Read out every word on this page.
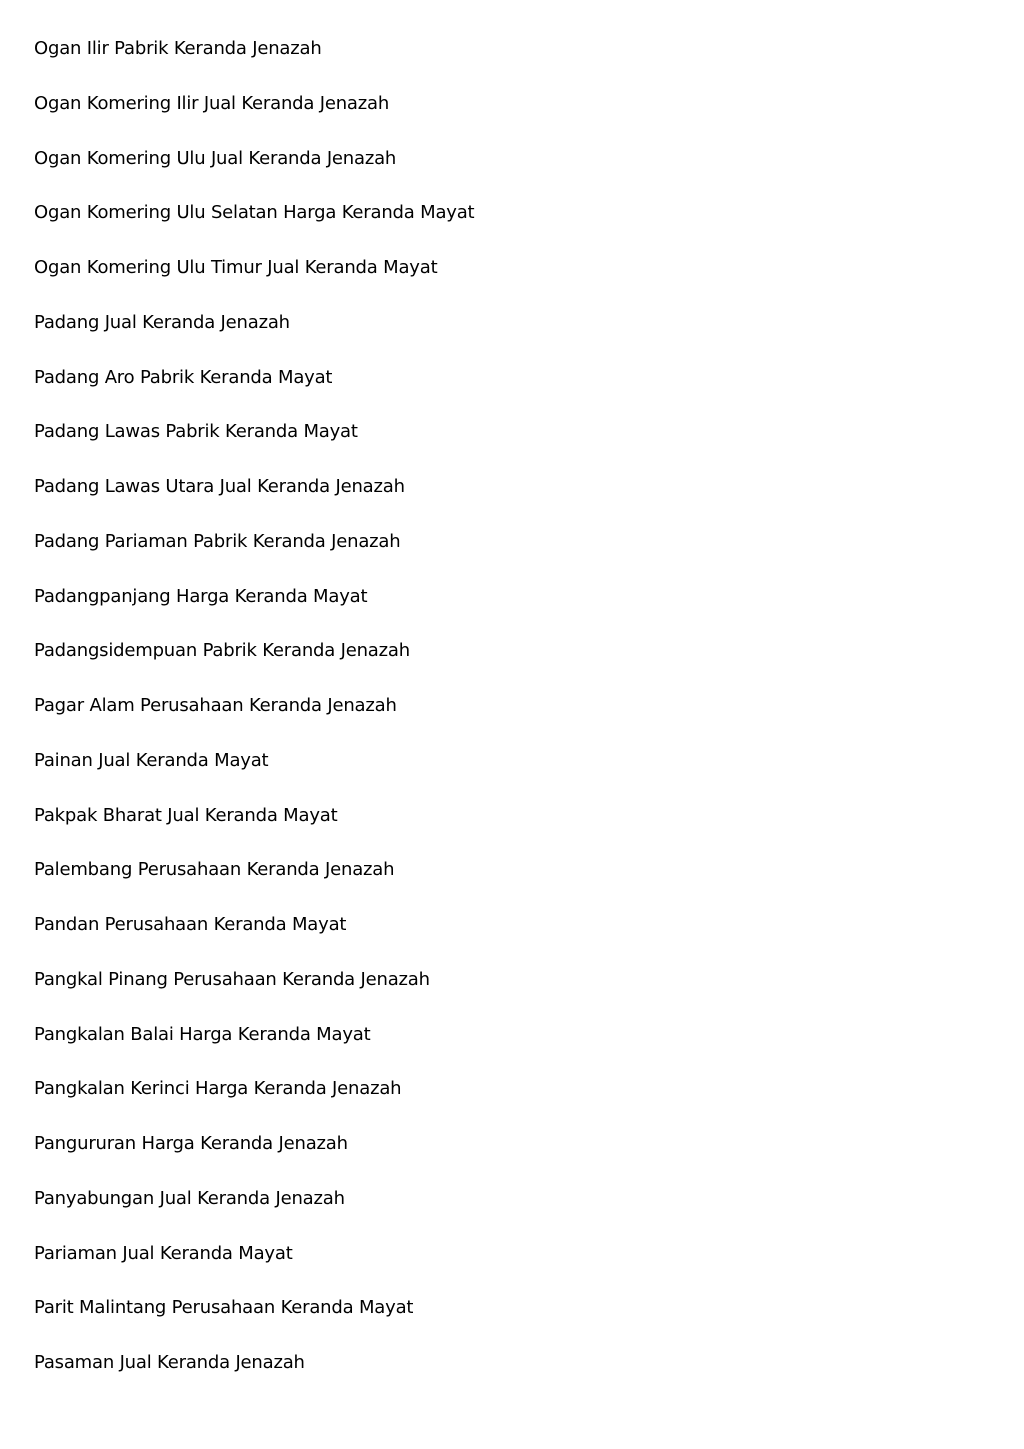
Ogan Ilir Pabrik Keranda Jenazah
Ogan Komering Ilir Jual Keranda Jenazah
Ogan Komering Ulu Jual Keranda Jenazah
Ogan Komering Ulu Selatan Harga Keranda Mayat
Ogan Komering Ulu Timur Jual Keranda Mayat
Padang Jual Keranda Jenazah
Padang Aro Pabrik Keranda Mayat
Padang Lawas Pabrik Keranda Mayat
Padang Lawas Utara Jual Keranda Jenazah
Padang Pariaman Pabrik Keranda Jenazah
Padangpanjang Harga Keranda Mayat
Padangsidempuan Pabrik Keranda Jenazah
Pagar Alam Perusahaan Keranda Jenazah
Painan Jual Keranda Mayat
Pakpak Bharat Jual Keranda Mayat
Palembang Perusahaan Keranda Jenazah
Pandan Perusahaan Keranda Mayat
Pangkal Pinang Perusahaan Keranda Jenazah
Pangkalan Balai Harga Keranda Mayat
Pangkalan Kerinci Harga Keranda Jenazah
Pangururan Harga Keranda Jenazah
Panyabungan Jual Keranda Jenazah
Pariaman Jual Keranda Mayat
Parit Malintang Perusahaan Keranda Mayat
Pasaman Jual Keranda Jenazah
